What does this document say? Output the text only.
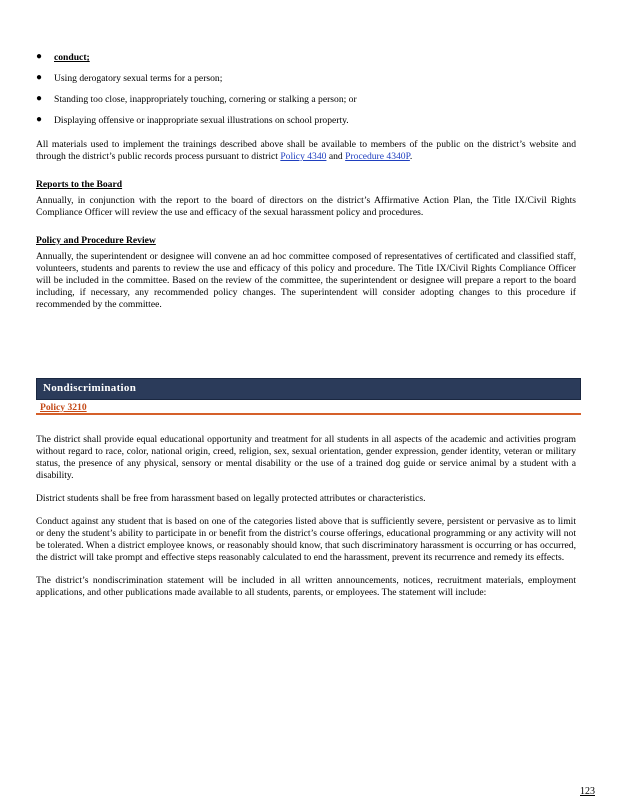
● conduct;
● Using derogatory sexual terms for a person;
● Standing too close, inappropriately touching, cornering or stalking a person; or
● Displaying offensive or inappropriate sexual illustrations on school property.

All materials used to implement the trainings described above shall be available to members of the public on the district’s website and through the district’s public records process pursuant to district Policy 4340 and Procedure 4340P.

Reports to the Board

Annually, in conjunction with the report to the board of directors on the district’s Affirmative Action Plan, the Title IX/Civil Rights Compliance Officer will review the use and efficacy of the sexual harassment policy and procedures.

Policy and Procedure Review

Annually, the superintendent or designee will convene an ad hoc committee composed of representatives of certificated and classified staff, volunteers, students and parents to review the use and efficacy of this policy and procedure. The Title IX/Civil Rights Compliance Officer will be included in the committee. Based on the review of the committee, the superintendent or designee will prepare a report to the board including, if necessary, any recommended policy changes. The superintendent will consider adopting changes to this procedure if recommended by the committee.

Nondiscrimination
Policy 3210

The district shall provide equal educational opportunity and treatment for all students in all aspects of the academic and activities program without regard to race, color, national origin, creed, religion, sex, sexual orientation, gender expression, gender identity, veteran or military status, the presence of any physical, sensory or mental disability or the use of a trained dog guide or service animal by a student with a disability.

District students shall be free from harassment based on legally protected attributes or characteristics.

Conduct against any student that is based on one of the categories listed above that is sufficiently severe, persistent or pervasive as to limit or deny the student’s ability to participate in or benefit from the district’s course offerings, educational programming or any activity will not be tolerated. When a district employee knows, or reasonably should know, that such discriminatory harassment is occurring or has occurred, the district will take prompt and effective steps reasonably calculated to end the harassment, prevent its recurrence and remedy its effects.

The district’s nondiscrimination statement will be included in all written announcements, notices, recruitment materials, employment applications, and other publications made available to all students, parents, or employees. The statement will include:

123
